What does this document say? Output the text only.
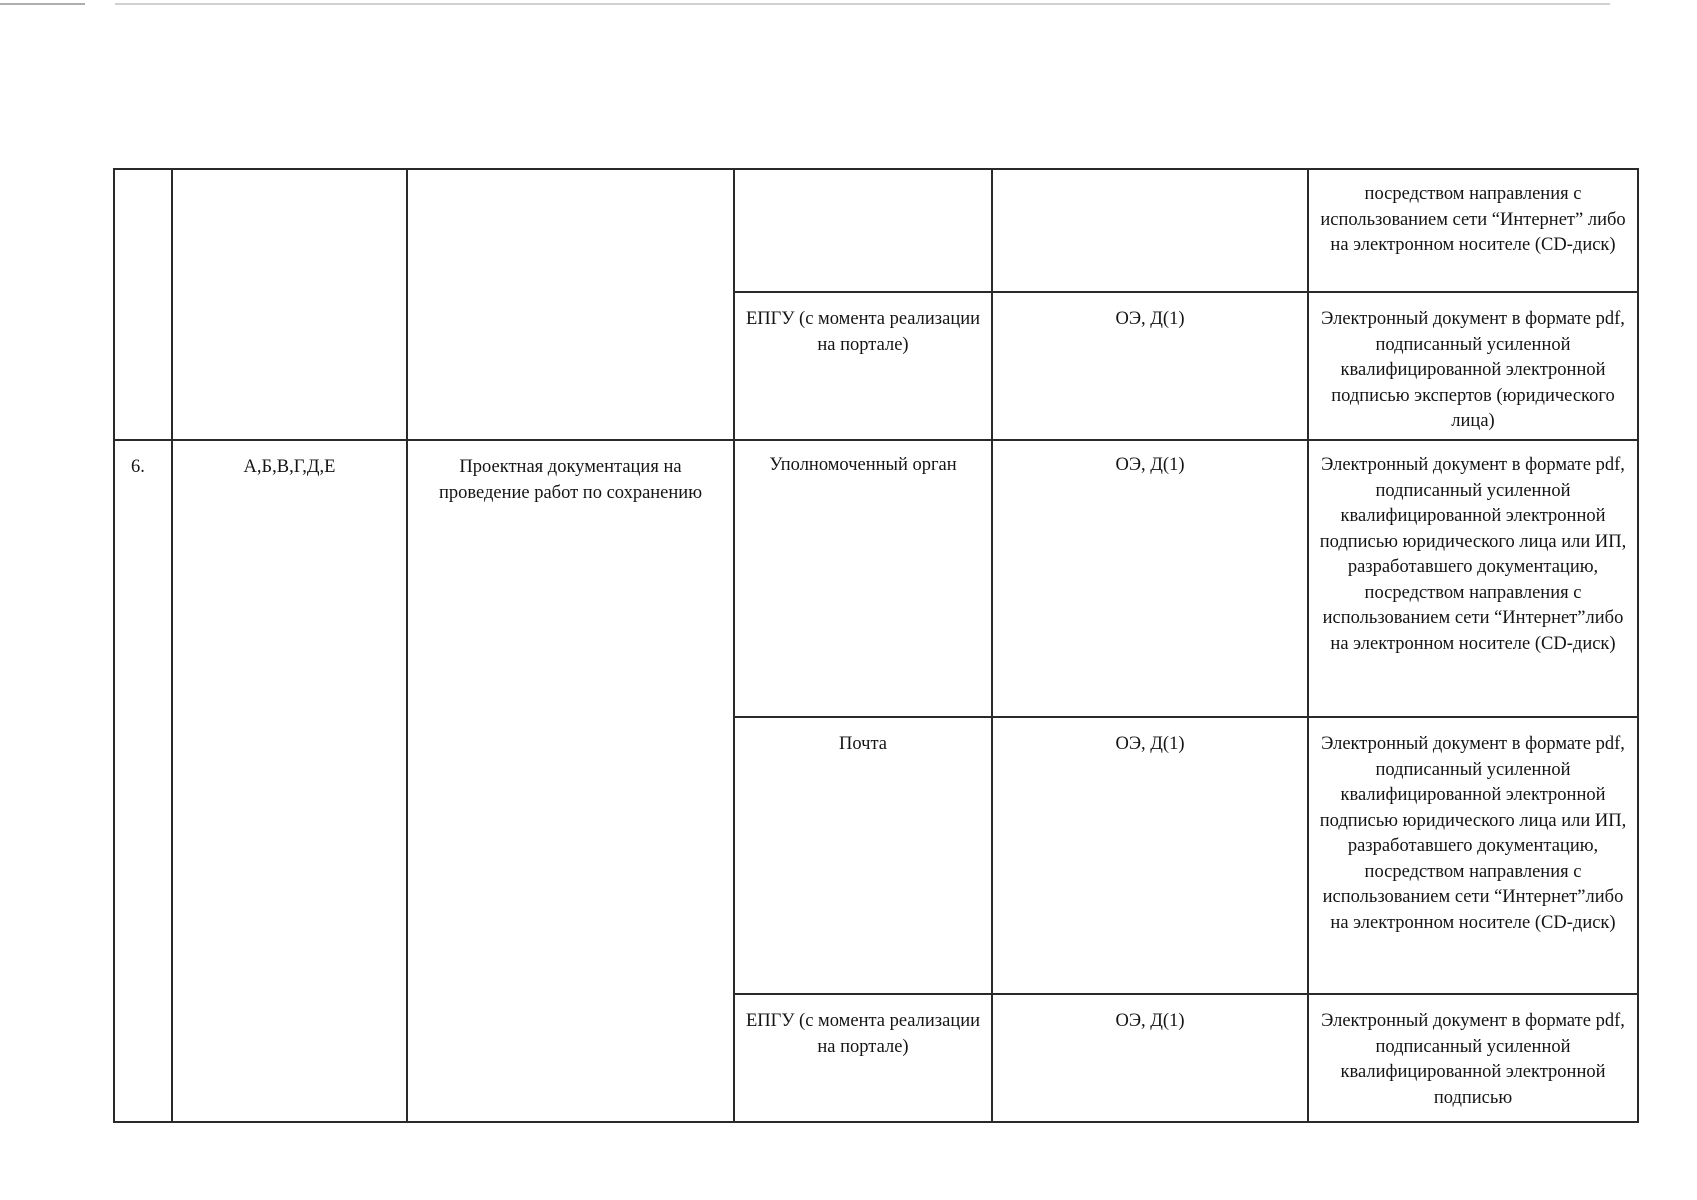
					посредством направления с использованием сети “Интернет” либо на электронном носителе (CD-диск)

			ЕПГУ (с момента реализации на портале)	ОЭ, Д(1)	Электронный документ в формате pdf, подписанный усиленной квалифицированной электронной подписью экспертов (юридического лица)

6.	А,Б,В,Г,Д,Е	Проектная документация на проведение работ по сохранению	Уполномоченный орган	ОЭ, Д(1)	Электронный документ в формате pdf, подписанный усиленной квалифицированной электронной подписью юридического лица или ИП, разработавшего документацию, посредством направления с использованием сети “Интернет”либо на электронном носителе (CD-диск)

			Почта	ОЭ, Д(1)	Электронный документ в формате pdf, подписанный усиленной квалифицированной электронной подписью юридического лица или ИП, разработавшего документацию, посредством направления с использованием сети “Интернет”либо на электронном носителе (CD-диск)

			ЕПГУ (с момента реализации на портале)	ОЭ, Д(1)	Электронный документ в формате pdf, подписанный усиленной квалифицированной электронной подписью
